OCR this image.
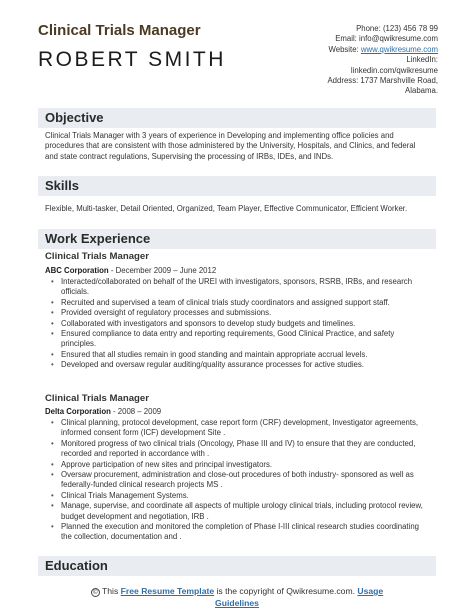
Clinical Trials Manager
ROBERT SMITH
Phone: (123) 456 78 99
Email: info@qwikresume.com
Website: www.qwikresume.com
LinkedIn:
linkedin.com/qwikresume
Address: 1737 Marshville Road,
Alabama.
Objective
Clinical Trials Manager with 3 years of experience in Developing and implementing office policies and procedures that are consistent with those administered by the University, Hospitals, and Clinics, and federal and state contract regulations, Supervising the processing of IRBs, IDEs, and INDs.
Skills
Flexible, Multi-tasker, Detail Oriented, Organized, Team Player, Effective Communicator, Efficient Worker.
Work Experience
Clinical Trials Manager
ABC Corporation - December 2009 – June 2012
• Interacted/collaborated on behalf of the UREI with investigators, sponsors, RSRB, IRBs, and research officials.
• Recruited and supervised a team of clinical trials study coordinators and assigned support staff.
• Provided oversight of regulatory processes and submissions.
• Collaborated with investigators and sponsors to develop study budgets and timelines.
• Ensured compliance to data entry and reporting requirements, Good Clinical Practice, and safety principles.
• Ensured that all studies remain in good standing and maintain appropriate accrual levels.
• Developed and oversaw regular auditing/quality assurance processes for active studies.
Clinical Trials Manager
Delta Corporation - 2008 – 2009
• Clinical planning, protocol development, case report form (CRF) development, Investigator agreements, informed consent form (ICF) development Site .
• Monitored progress of two clinical trials (Oncology, Phase III and IV) to ensure that they are conducted, recorded and reported in accordance with .
• Approve participation of new sites and principal investigators.
• Oversaw procurement, administration and close-out procedures of both industry- sponsored as well as federally-funded clinical research projects MS .
• Clinical Trials Management Systems.
• Manage, supervise, and coordinate all aspects of multiple urology clinical trials, including protocol review, budget development and negotiation, IRB .
• Planned the execution and monitored the completion of Phase I-III clinical research studies coordinating the collection, documentation and .
Education
© This Free Resume Template is the copyright of Qwikresume.com. Usage
Guidelines
